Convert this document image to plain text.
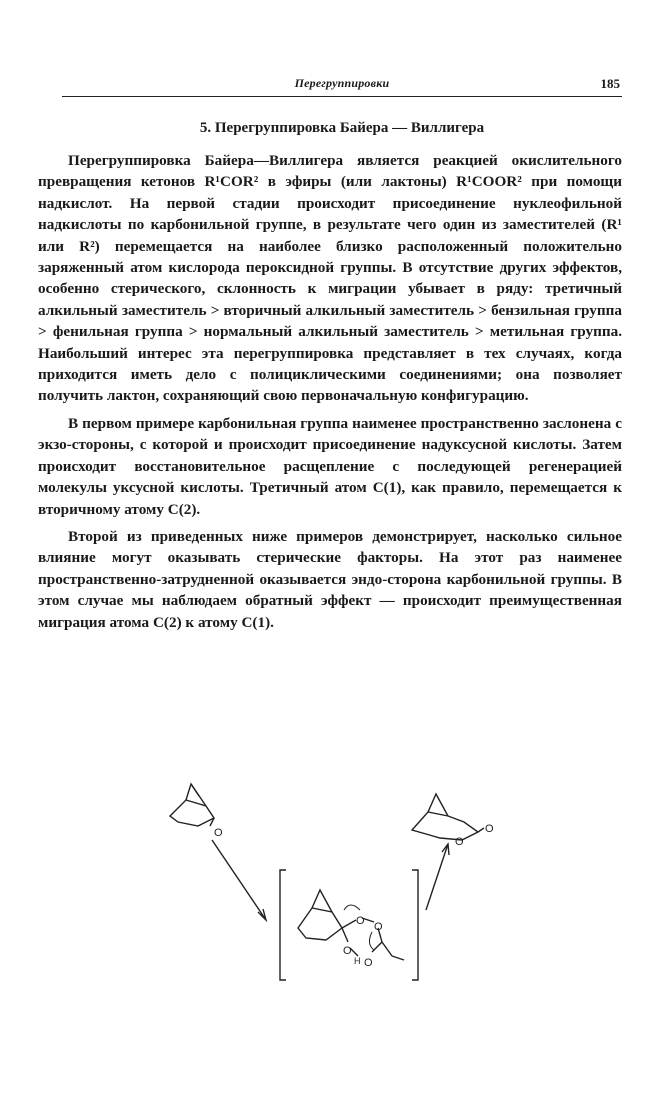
Перегруппировки	185
5. Перегруппировка Байера — Виллигера

Перегруппировка Байера—Виллигера является реакцией окислительного превращения кетонов R¹COR² в эфиры (или лактоны) R¹COOR² при помощи надкислот. На первой стадии происходит присоединение нуклеофильной надкислоты по карбонильной группе, в результате чего один из заместителей (R¹ или R²) перемещается на наиболее близко расположенный положительно заряженный атом кислорода пероксидной группы. В отсутствие других эффектов, особенно стерического, склонность к миграции убывает в ряду: третичный алкильный заместитель > вторичный алкильный заместитель > бензильная группа > фенильная группа > нормальный алкильный заместитель > метильная группа. Наибольший интерес эта перегруппировка представляет в тех случаях, когда приходится иметь дело с полициклическими соединениями; она позволяет получить лактон, сохраняющий свою первоначальную конфигурацию.

В первом примере карбонильная группа наименее пространственно заслонена с экзо-стороны, с которой и происходит присоединение надуксусной кислоты. Затем происходит восстановительное расщепление с последующей регенерацией молекулы уксусной кислоты. Третичный атом C(1), как правило, перемещается к вторичному атому C(2).

Второй из приведенных ниже примеров демонстрирует, насколько сильное влияние могут оказывать стерические факторы. На этот раз наименее пространственно-затрудненной оказывается эндо-сторона карбонильной группы. В этом случае мы наблюдаем обратный эффект — происходит преимущественная миграция атома C(2) к атому C(1).

O
O
O
O O
O
O
H
